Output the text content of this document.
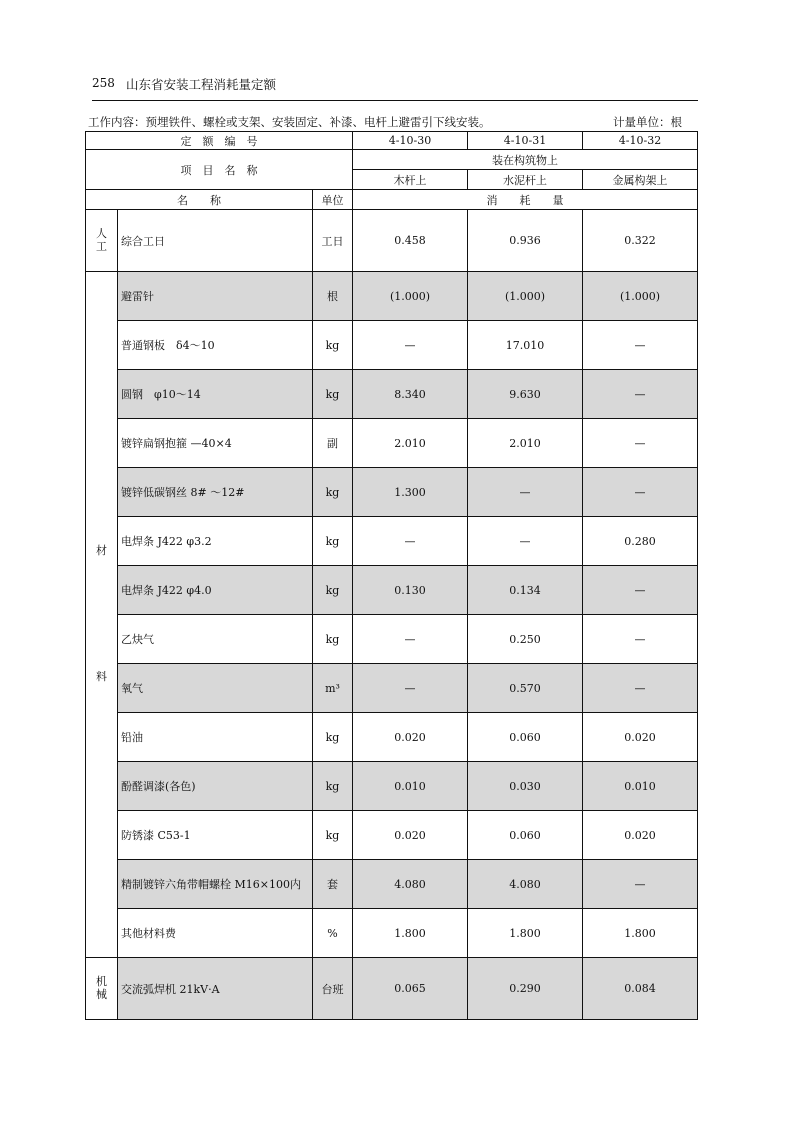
258 山东省安装工程消耗量定额
工作内容：预埋铁件、螺栓或支架、安装固定、补漆、电杆上避雷引下线安装。	计量单位：根
定　额　编　号			4-10-30	4-10-31	4-10-32
项　目　名　称			装在构筑物上		
			木杆上	水泥杆上	金属构架上
名　　称		单位	消　　耗　　量		
人
工	综合工日	工日	0.458	0.936	0.322
材

料	避雷针	根	(1.000)	(1.000)	(1.000)
	普通钢板　δ4～10	kg	—	17.010	—
	圆钢　φ10～14	kg	8.340	9.630	—
	镀锌扁钢抱箍 —40×4	副	2.010	2.010	—
	镀锌低碳钢丝 8# ～12#	kg	1.300	—	—
	电焊条 J422 φ3.2	kg	—	—	0.280
	电焊条 J422 φ4.0	kg	0.130	0.134	—
	乙炔气	kg	—	0.250	—
	氧气	m³	—	0.570	—
	铅油	kg	0.020	0.060	0.020
	酚醛调漆(各色)	kg	0.010	0.030	0.010
	防锈漆 C53-1	kg	0.020	0.060	0.020
	精制镀锌六角带帽螺栓 M16×100内	套	4.080	4.080	—
	其他材料费	%	1.800	1.800	1.800
机
械	交流弧焊机 21kV·A	台班	0.065	0.290	0.084
